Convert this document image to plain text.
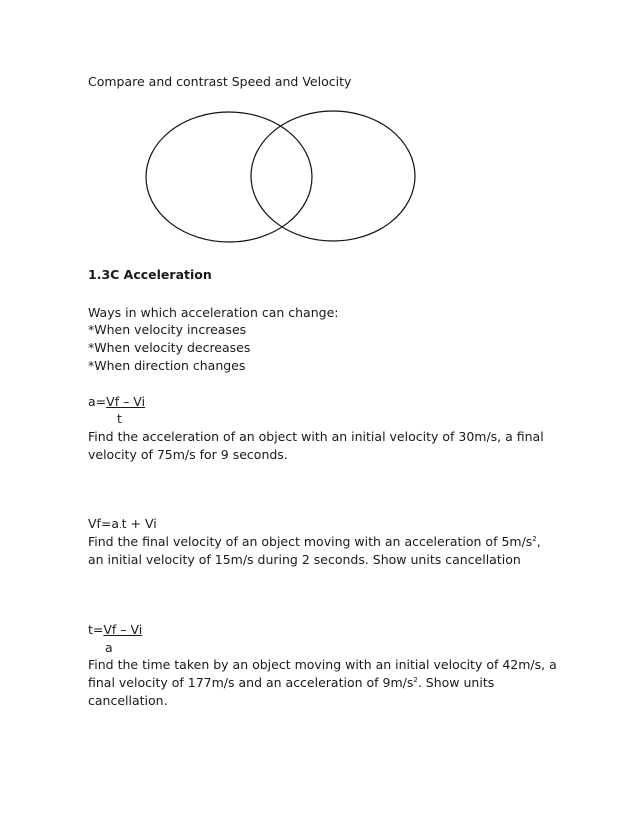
Compare and contrast Speed and Velocity
1.3C Acceleration
Ways in which acceleration can change:
*When velocity increases
*When velocity decreases
*When direction changes
a=Vf – Vi
t
Find the acceleration of an object with an initial velocity of 30m/s, a final
velocity of 75m/s for 9 seconds.
Vf=a.t + Vi
Find the final velocity of an object moving with an acceleration of $5m/s^2$,
an initial velocity of 15m/s during 2 seconds. Show units cancellation
t=Vf – Vi
a
Find the time taken by an object moving with an initial velocity of 42m/s, a
final velocity of 177m/s and an acceleration of $9m/s^2$. Show units
cancellation.
